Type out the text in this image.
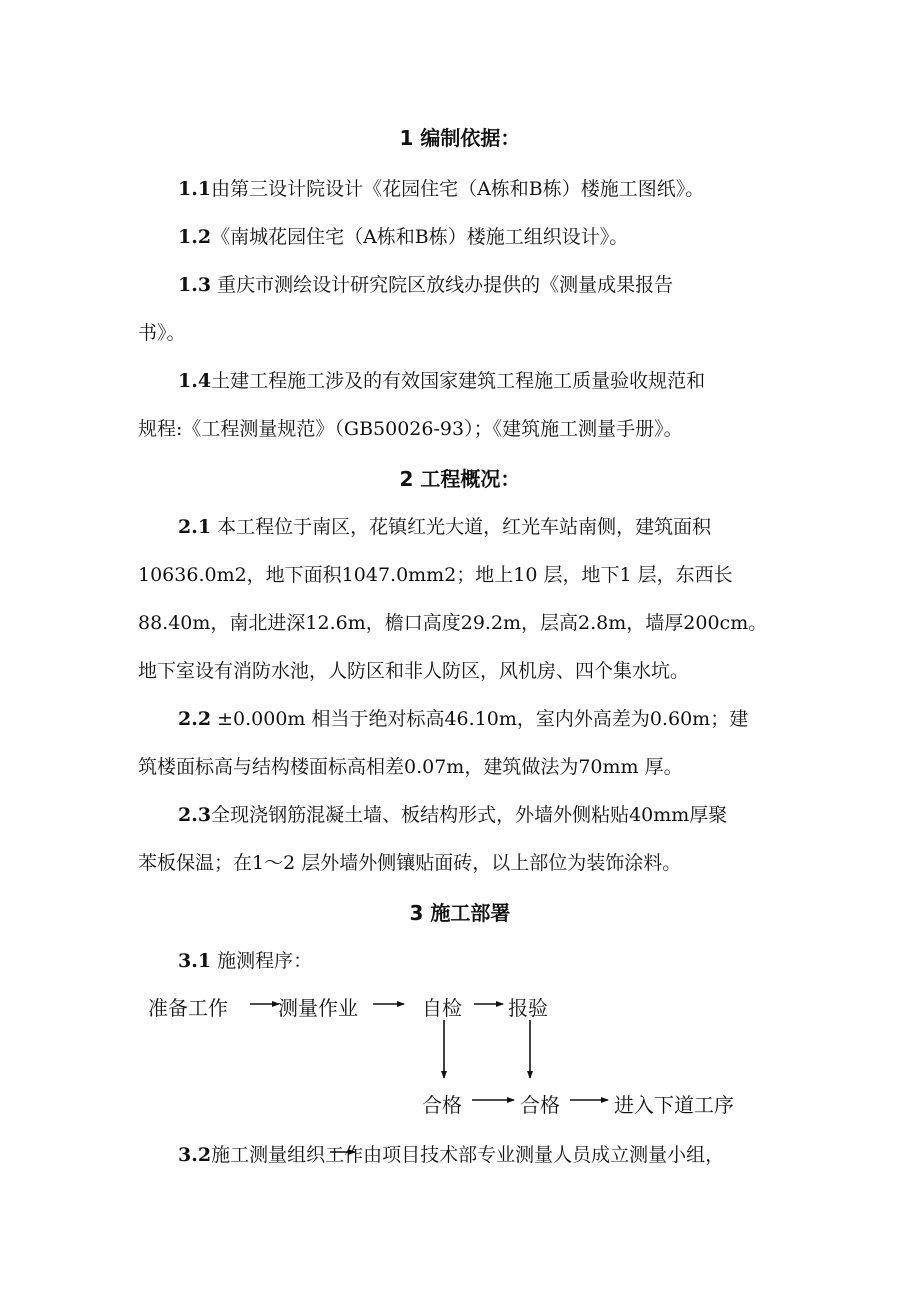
1 编制依据：
1.1由第三设计院设计《花园住宅（A栋和B栋）楼施工图纸》。
1.2《南城花园住宅（A栋和B栋）楼施工组织设计》。
1.3 重庆市测绘设计研究院区放线办提供的《测量成果报告
书》。
1.4土建工程施工涉及的有效国家建筑工程施工质量验收规范和
规程:《工程测量规范》（GB50026-93）；《建筑施工测量手册》。
2 工程概况：
2.1 本工程位于南区，花镇红光大道，红光车站南侧，建筑面积
10636.0m2，地下面积1047.0mm2；地上10 层，地下1 层，东西长
88.40m，南北进深12.6m，檐口高度29.2m，层高2.8m，墙厚200cm。
地下室设有消防水池，人防区和非人防区，风机房、四个集水坑。
2.2 ±0.000m 相当于绝对标高46.10m，室内外高差为0.60m；建
筑楼面标高与结构楼面标高相差0.07m，建筑做法为70mm 厚。
2.3全现浇钢筋混凝土墙、板结构形式，外墙外侧粘贴40mm厚聚
苯板保温；在1～2 层外墙外侧镶贴面砖，以上部位为装饰涂料。
3 施工部署
3.1 施测程序：
准备工作	测量作业	自检 报验
合格	合格	进入下道工序
3.2施工测量组织工作由项目技术部专业测量人员成立测量小组，
